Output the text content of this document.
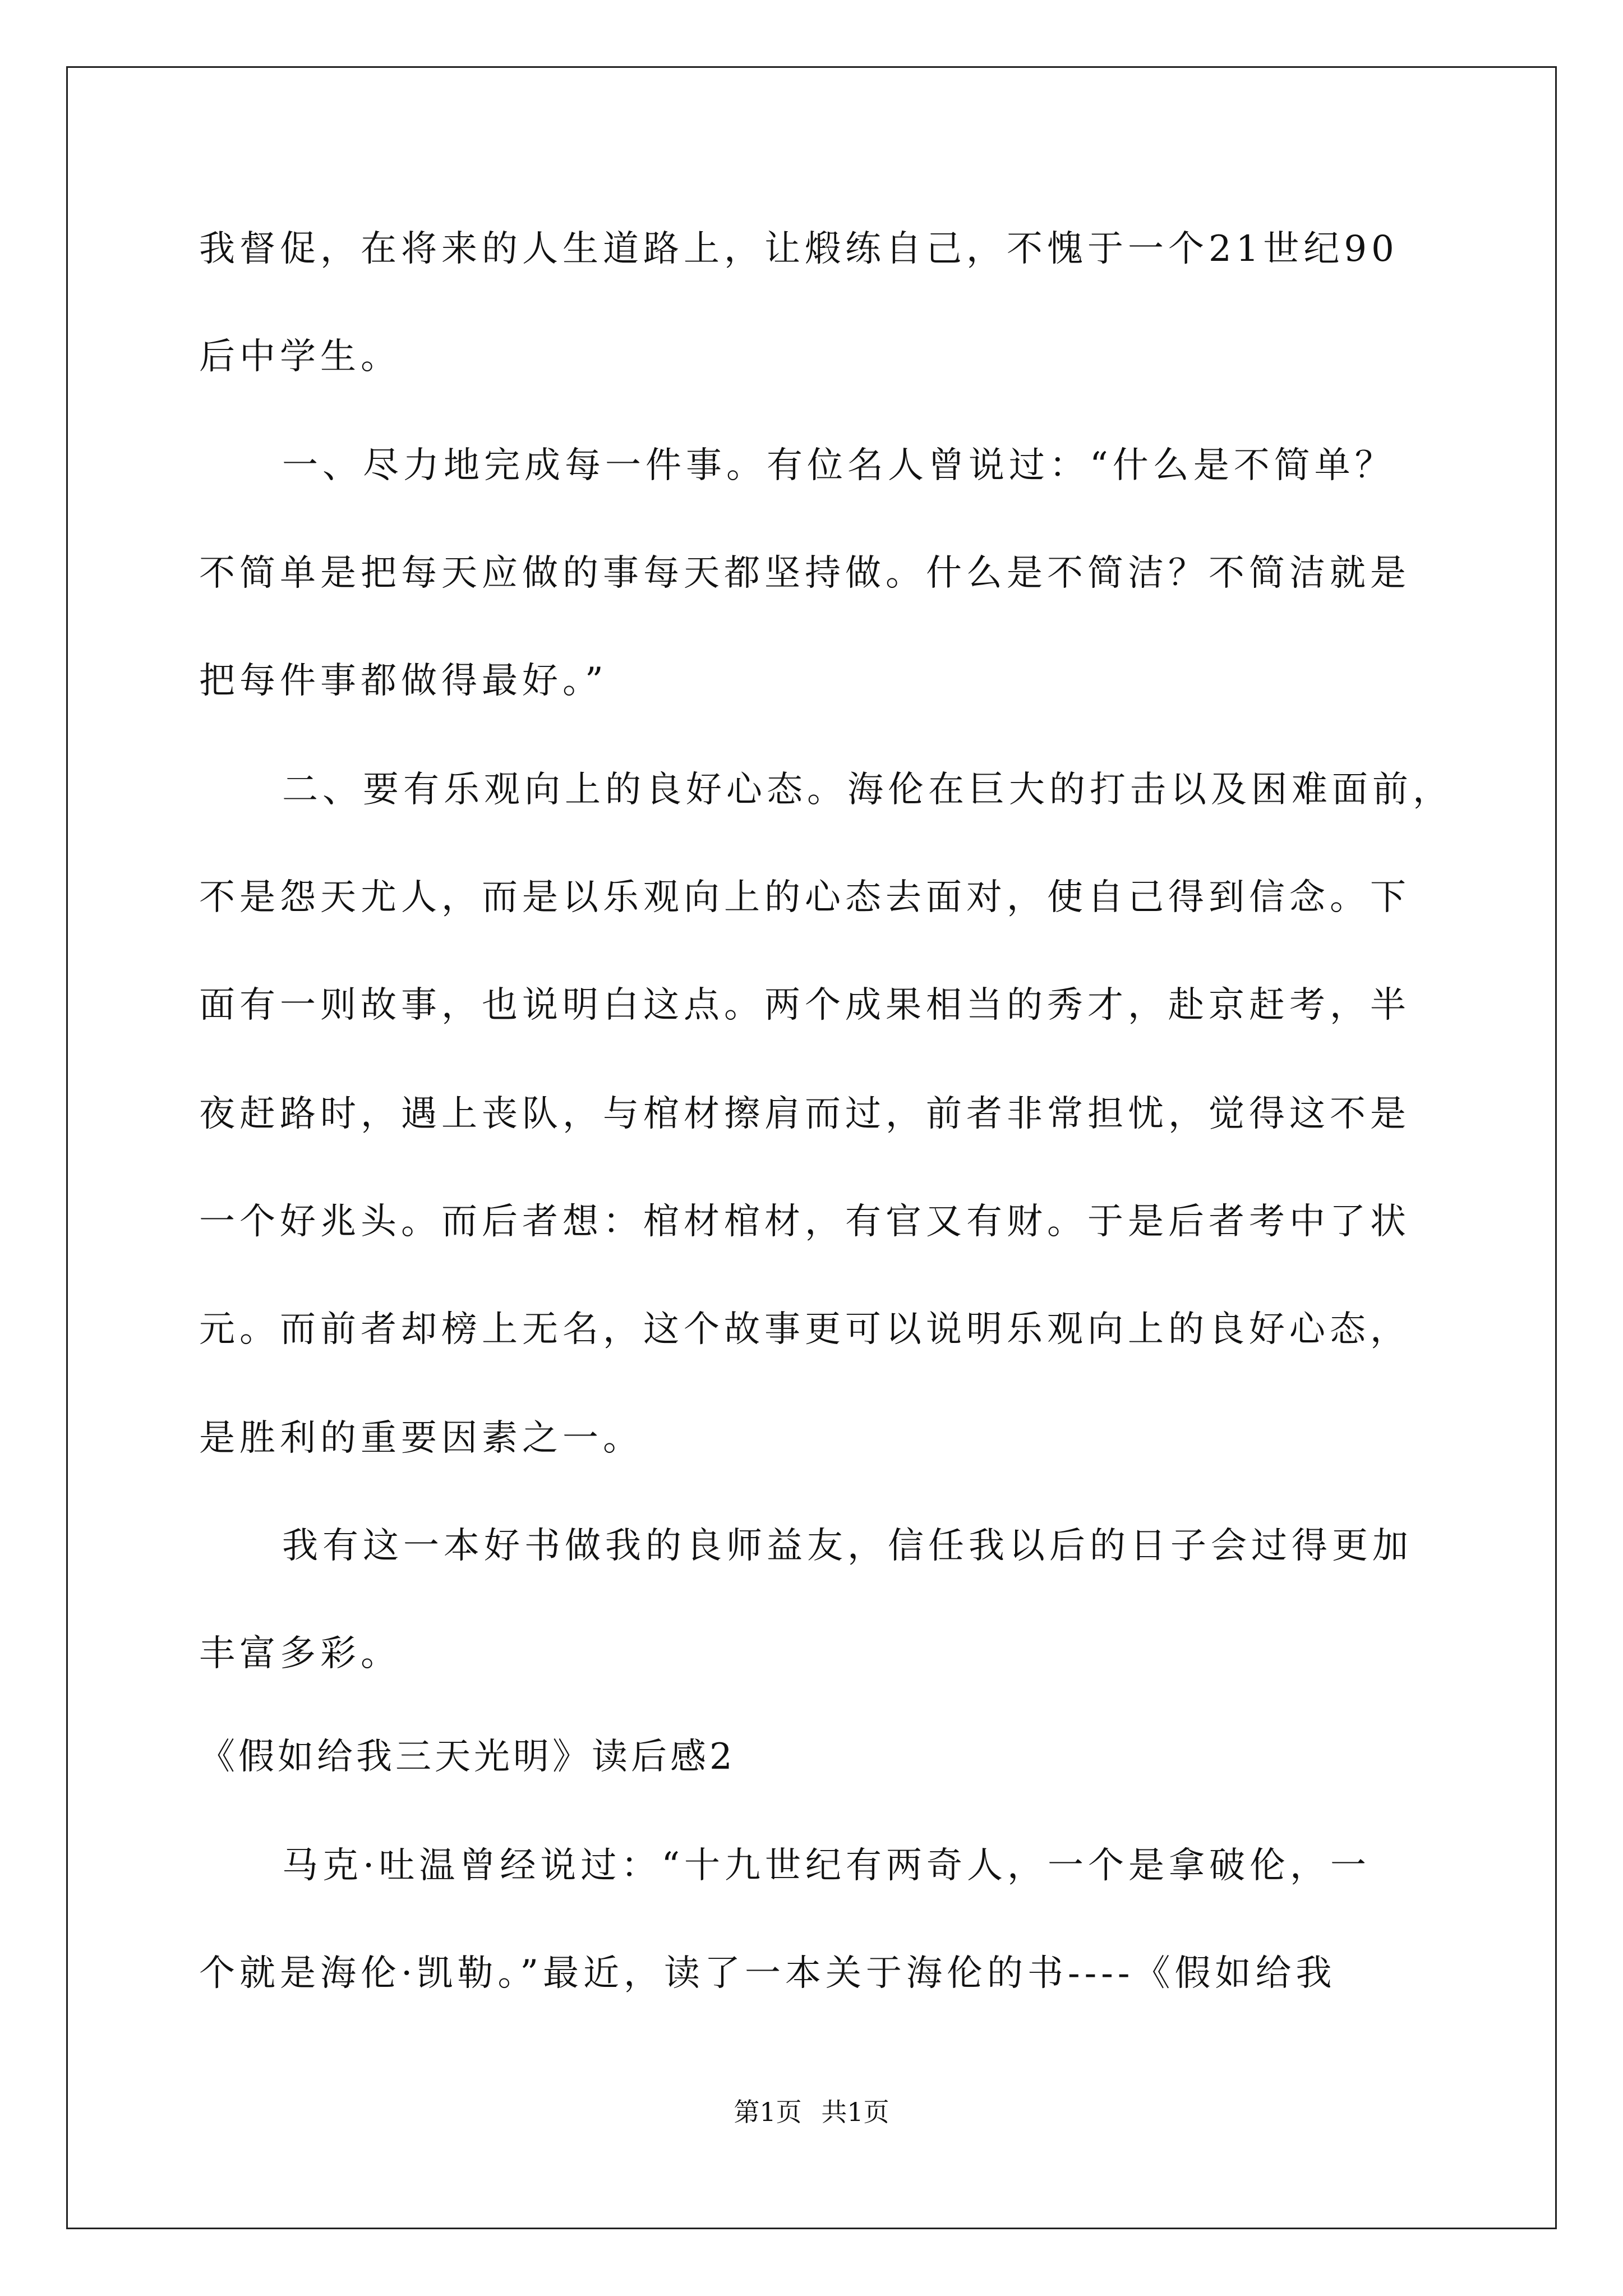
我督促，在将来的人生道路上，让煅练自己，不愧于一个21世纪90
后中学生。
一、尽力地完成每一件事。有位名人曾说过：“什么是不简单？
不简单是把每天应做的事每天都坚持做。什么是不简洁？不简洁就是
把每件事都做得最好。”
二、要有乐观向上的良好心态。海伦在巨大的打击以及困难面前，
不是怨天尤人，而是以乐观向上的心态去面对，使自己得到信念。下
面有一则故事，也说明白这点。两个成果相当的秀才，赴京赶考，半
夜赶路时，遇上丧队，与棺材擦肩而过，前者非常担忧，觉得这不是
一个好兆头。而后者想：棺材棺材，有官又有财。于是后者考中了状
元。而前者却榜上无名，这个故事更可以说明乐观向上的良好心态，
是胜利的重要因素之一。
我有这一本好书做我的良师益友，信任我以后的日子会过得更加
丰富多彩。
《假如给我三天光明》读后感2
马克·吐温曾经说过：“十九世纪有两奇人，一个是拿破伦，一
个就是海伦·凯勒。”最近，读了一本关于海伦的书----《假如给我
第1页 共1页
